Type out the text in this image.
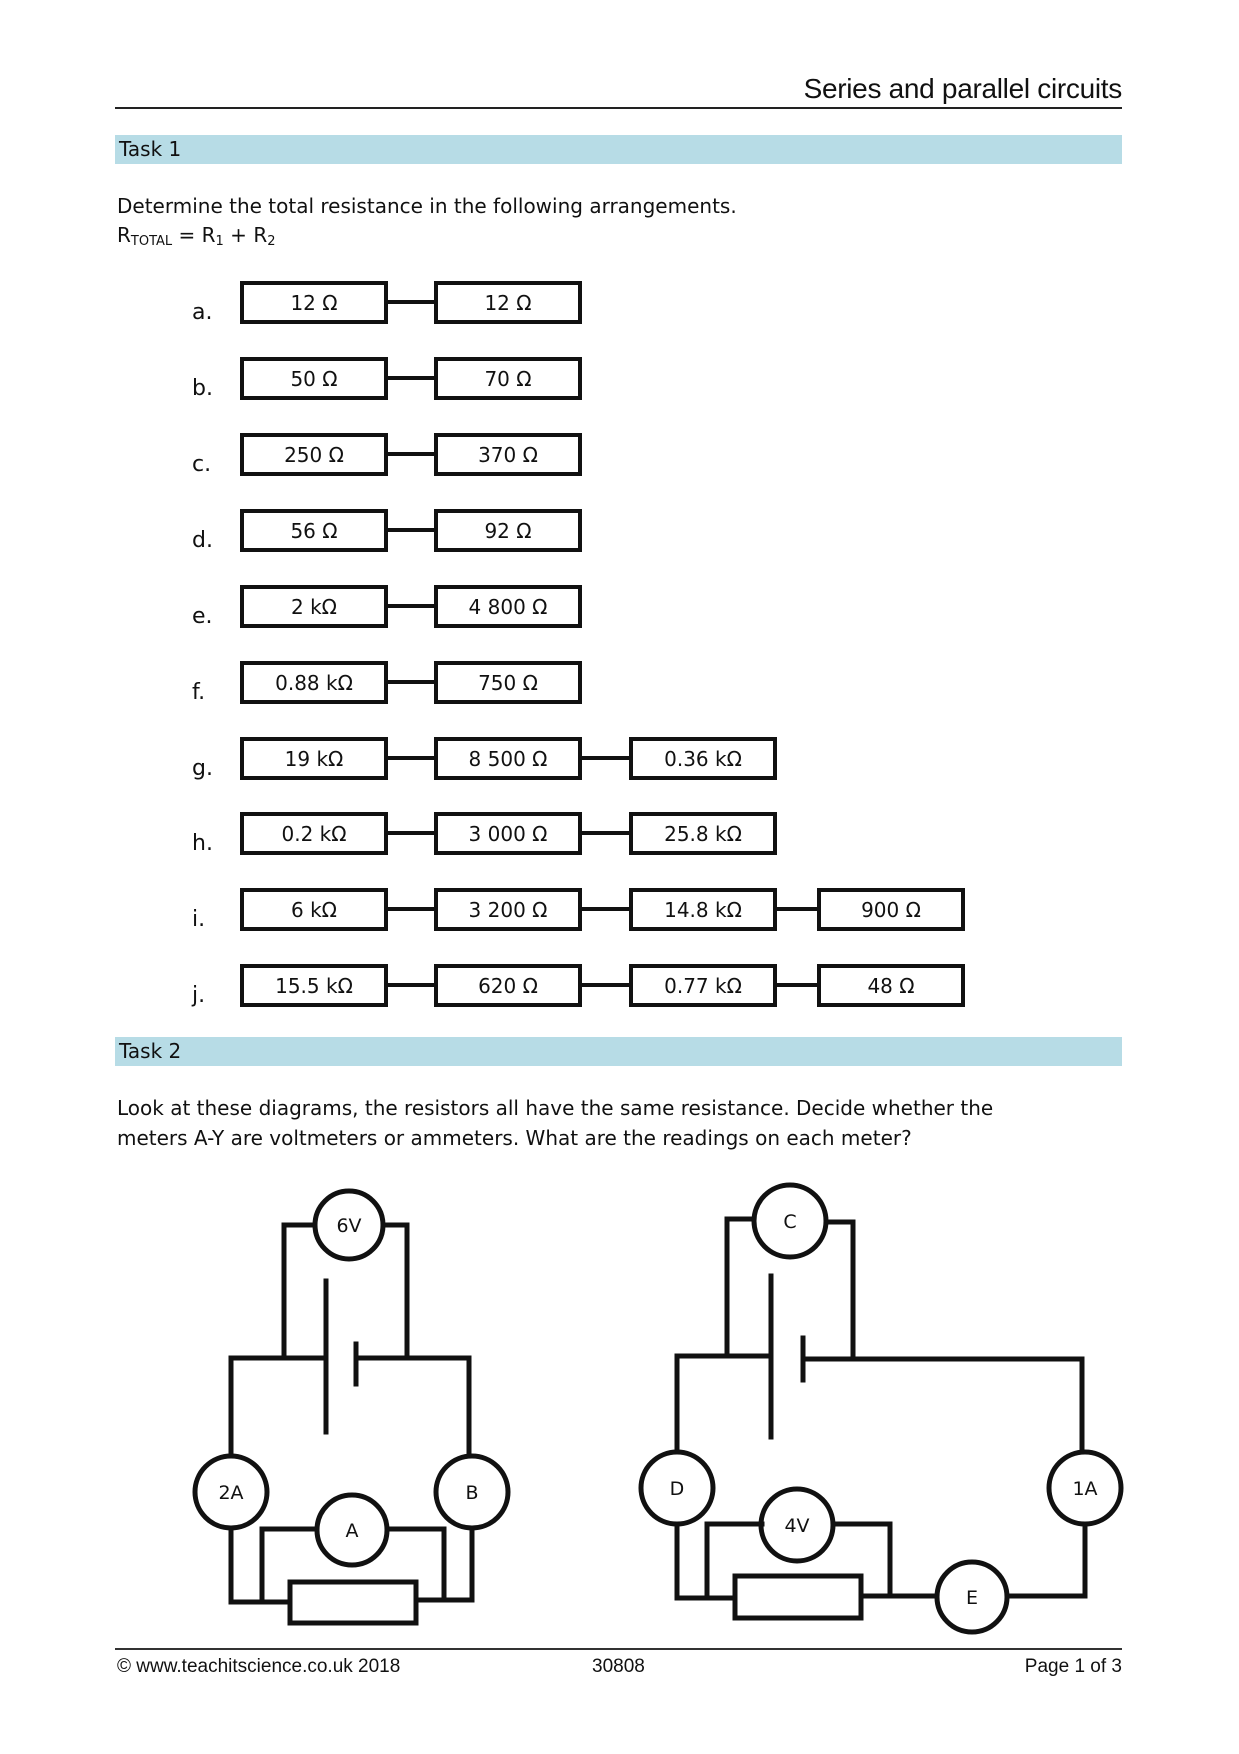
Series and parallel circuits
Task 1
Determine the total resistance in the following arrangements.
$R_{TOTAL} = R_1 + R_2$
a.	12 Ω	12 Ω
b.	50 Ω	70 Ω
c.	250 Ω	370 Ω
d.	56 Ω	92 Ω
e.	2 kΩ	4 800 Ω
f.	0.88 kΩ	750 Ω
g.	19 kΩ	8 500 Ω	0.36 kΩ
h.	0.2 kΩ	3 000 Ω	25.8 kΩ
i.	6 kΩ	3 200 Ω	14.8 kΩ	900 Ω
j.	15.5 kΩ	620 Ω	0.77 kΩ	48 Ω
Task 2
Look at these diagrams, the resistors all have the same resistance. Decide whether the
meters A-Y are voltmeters or ammeters. What are the readings on each meter?
6V
2A	B
A
C
D	1A
4V
E
© www.teachitscience.co.uk 2018	30808	Page 1 of 3
